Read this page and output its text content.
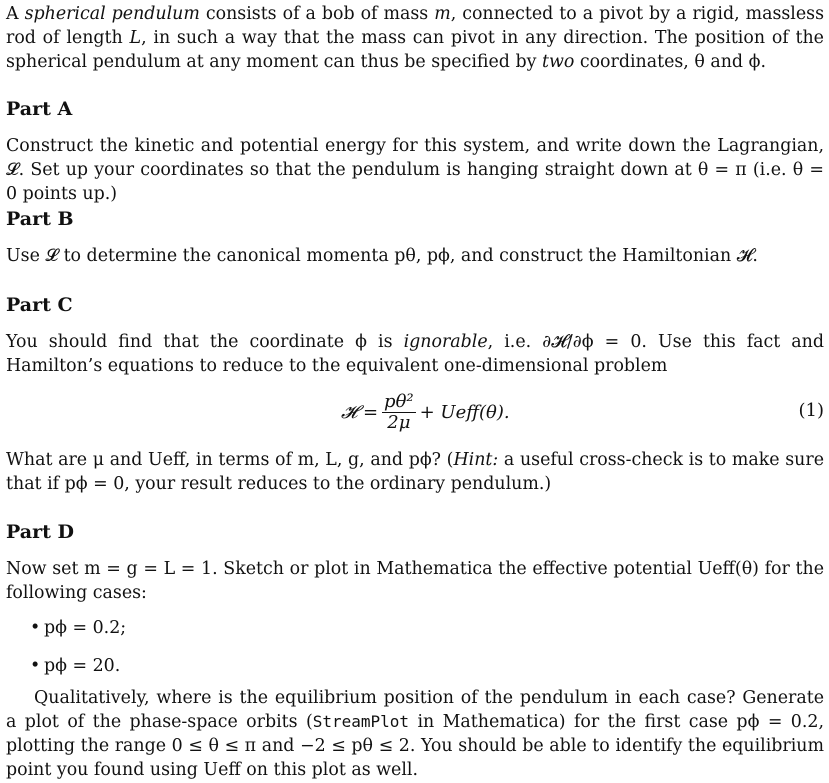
A spherical pendulum consists of a bob of mass m, connected to a pivot by a rigid, massless rod of length L, in such a way that the mass can pivot in any direction. The position of the spherical pendulum at any moment can thus be specified by two coordinates, θ and ϕ.

Part A

Construct the kinetic and potential energy for this system, and write down the Lagrangian, 𝓛. Set up your coordinates so that the pendulum is hanging straight down at θ = π (i.e. θ = 0 points up.)

Part B

Use 𝓛 to determine the canonical momenta pθ, pϕ, and construct the Hamiltonian 𝓗.

Part C

You should find that the coordinate ϕ is ignorable, i.e. ∂𝓗/∂ϕ = 0. Use this fact and Hamilton’s equations to reduce to the equivalent one-dimensional problem

𝓗 = $\frac{\text{pθ²}}{2\mu}$ + Ueff(θ).	(1)

What are μ and Ueff, in terms of m, L, g, and pϕ? (Hint: a useful cross-check is to make sure that if pϕ = 0, your result reduces to the ordinary pendulum.)

Part D

Now set m = g = L = 1. Sketch or plot in Mathematica the effective potential Ueff(θ) for the following cases:

• pϕ = 0.2;
• pϕ = 20.

Qualitatively, where is the equilibrium position of the pendulum in each case? Generate a plot of the phase-space orbits (StreamPlot in Mathematica) for the first case pϕ = 0.2, plotting the range 0 ≤ θ ≤ π and −2 ≤ pθ ≤ 2. You should be able to identify the equilibrium point you found using Ueff on this plot as well.
